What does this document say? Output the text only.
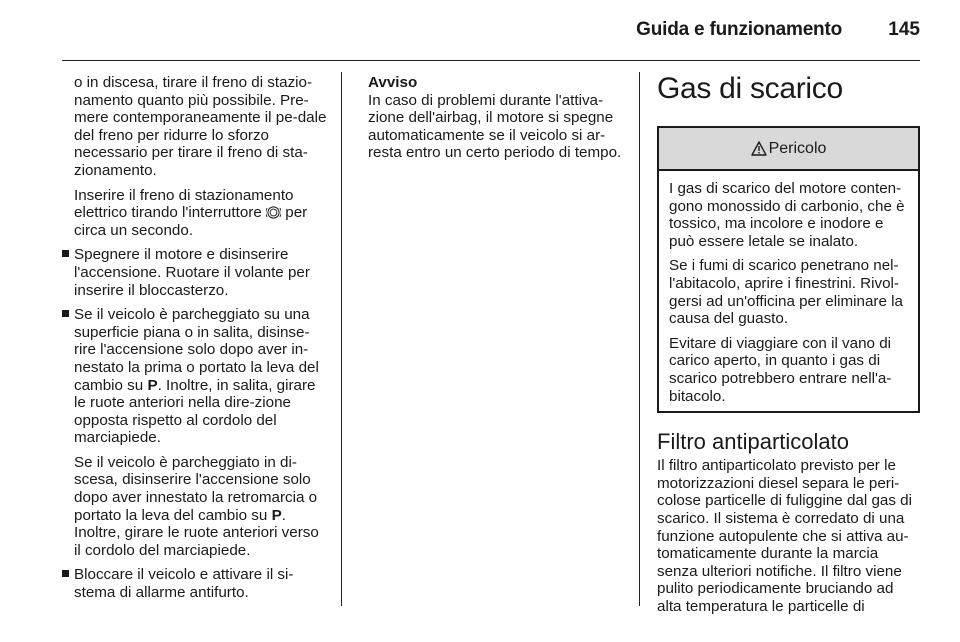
Guida e funzionamento 145

o in discesa, tirare il freno di stazio-namento quanto più possibile. Pre-mere contemporaneamente il pe-dale del freno per ridurre lo sforzo necessario per tirare il freno di sta-zionamento.

Inserire il freno di stazionamento elettrico tirando l'interruttore per circa un secondo.

Spegnere il motore e disinserire l'accensione. Ruotare il volante per inserire il bloccasterzo.
Se il veicolo è parcheggiato su una superficie piana o in salita, disinse-rire l'accensione solo dopo aver in-nestato la prima o portato la leva del cambio su P. Inoltre, in salita, girare le ruote anteriori nella dire-zione opposta rispetto al cordolo del marciapiede.
Se il veicolo è parcheggiato in di-scesa, disinserire l'accensione solo dopo aver innestato la retromarcia o portato la leva del cambio su P. Inoltre, girare le ruote anteriori verso il cordolo del marciapiede.
Bloccare il veicolo e attivare il si-stema di allarme antifurto.

Avviso

In caso di problemi durante l'attiva-zione dell'airbag, il motore si spegne automaticamente se il veicolo si ar-resta entro un certo periodo di tempo.

Gas di scarico
Pericolo

I gas di scarico del motore conten-gono monossido di carbonio, che è tossico, ma incolore e inodore e può essere letale se inalato.

Se i fumi di scarico penetrano nel-l'abitacolo, aprire i finestrini. Rivol-gersi ad un'officina per eliminare la causa del guasto.

Evitare di viaggiare con il vano di carico aperto, in quanto i gas di scarico potrebbero entrare nell'a-bitacolo.

Filtro antiparticolato

Il filtro antiparticolato previsto per le motorizzazioni diesel separa le peri-colose particelle di fuliggine dal gas di scarico. Il sistema è corredato di una funzione autopulente che si attiva au-tomaticamente durante la marcia senza ulteriori notifiche. Il filtro viene pulito periodicamente bruciando ad alta temperatura le particelle di
